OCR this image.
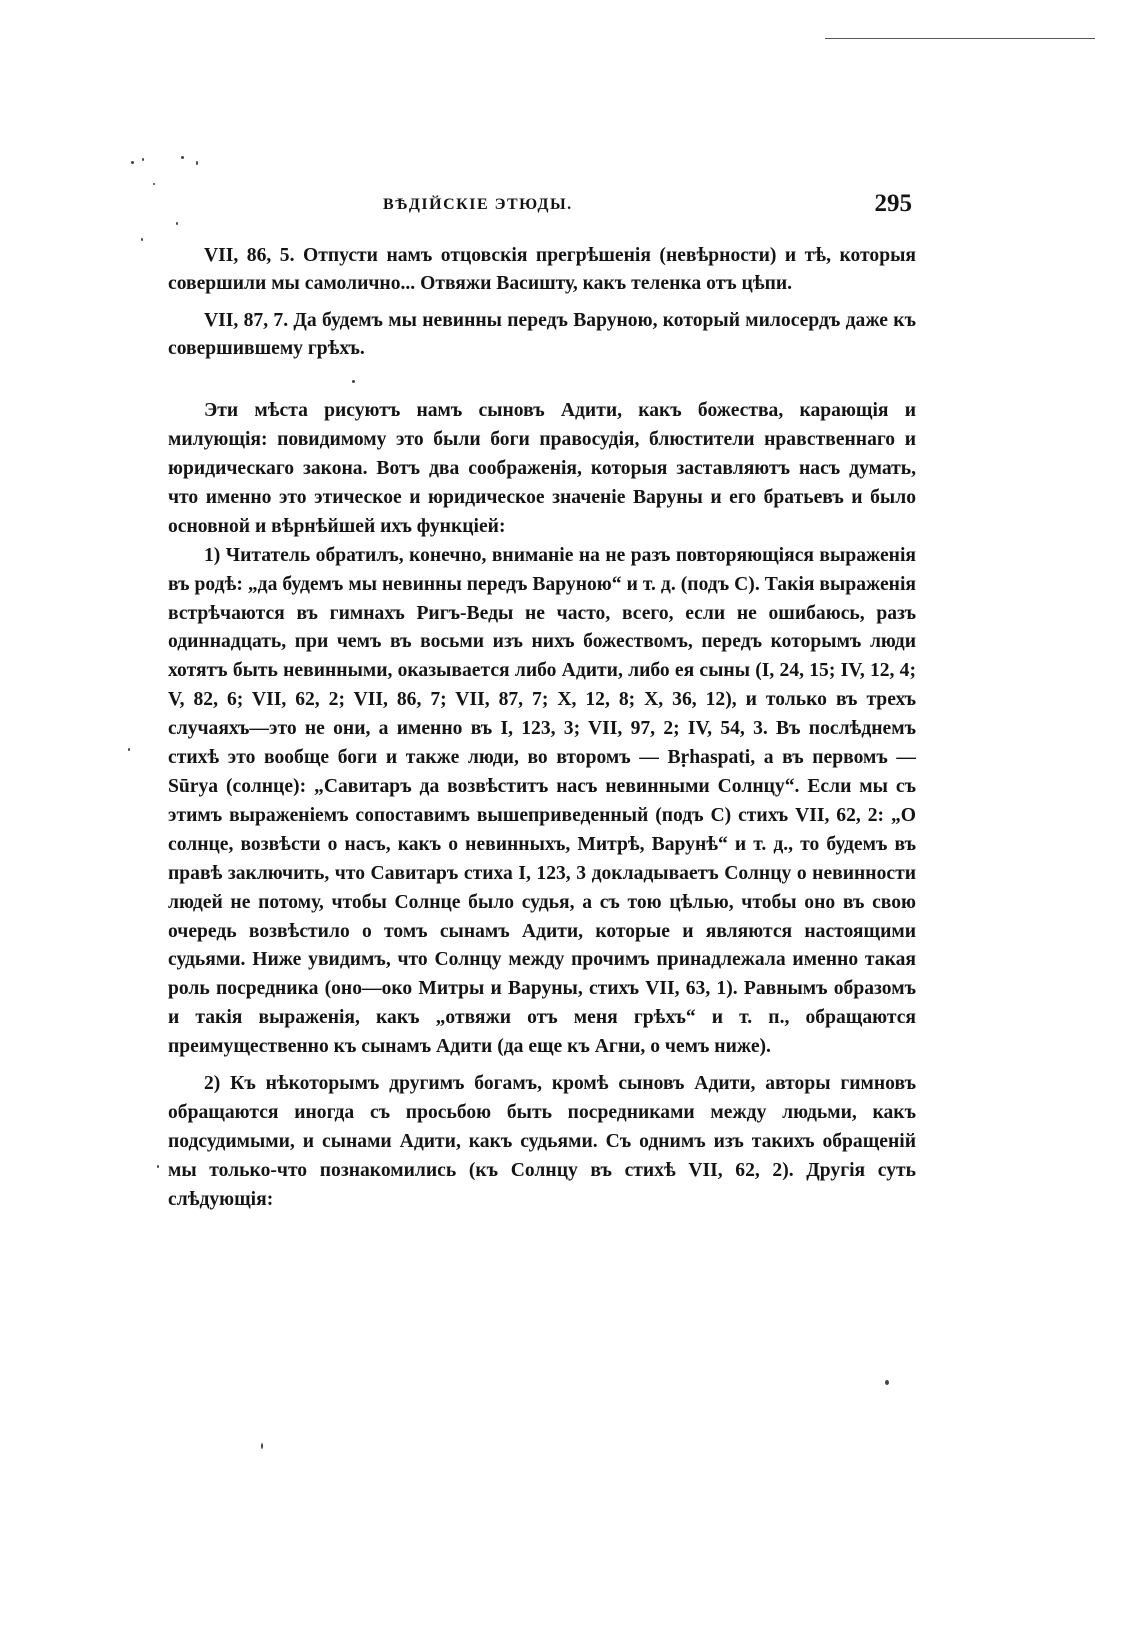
ВѢДІЙСКІЕ ЭТЮДЫ.	295

VII, 86, 5. Отпусти намъ отцовскія прегрѣшенія (невѣрности) и тѣ, которыя совершили мы самолично... Отвяжи Васишту, какъ теленка отъ цѣпи.

VII, 87, 7. Да будемъ мы невинны передъ Варуною, который милосердъ даже къ совершившему грѣхъ.

Эти мѣста рисуютъ намъ сыновъ Адити, какъ божества, карающія и милующія: повидимому это были боги правосудія, блюстители нравственнаго и юридическаго закона. Вотъ два соображенія, которыя заставляютъ насъ думать, что именно это этическое и юридическое значеніе Варуны и его братьевъ и было основной и вѣрнѣйшей ихъ функціей:

1) Читатель обратилъ, конечно, вниманіе на не разъ повторяющіяся выраженія въ родѣ: „да будемъ мы невинны передъ Варуною“ и т. д. (подъ С). Такія выраженія встрѣчаются въ гимнахъ Ригъ-Веды не часто, всего, если не ошибаюсь, разъ одиннадцать, при чемъ въ восьми изъ нихъ божествомъ, передъ которымъ люди хотятъ быть невинными, оказывается либо Адити, либо ея сыны (I, 24, 15; IV, 12, 4; V, 82, 6; VII, 62, 2; VII, 86, 7; VII, 87, 7; X, 12, 8; X, 36, 12), и только въ трехъ случаяхъ—это не они, а именно въ I, 123, 3; VII, 97, 2; IV, 54, 3. Въ послѣднемъ стихѣ это вообще боги и также люди, во второмъ — Bṛhaspati, а въ первомъ — Sūrya (солнце): „Савитаръ да возвѣститъ насъ невинными Солнцу“. Если мы съ этимъ выраженіемъ сопоставимъ вышеприведенный (подъ С) стихъ VII, 62, 2: „О солнце, возвѣсти о насъ, какъ о невинныхъ, Митрѣ, Варунѣ“ и т. д., то будемъ въ правѣ заключить, что Савитаръ стиха I, 123, 3 докладываетъ Солнцу о невинности людей не потому, чтобы Солнце было судья, а съ тою цѣлью, чтобы оно въ свою очередь возвѣстило о томъ сынамъ Адити, которые и являются настоящими судьями. Ниже увидимъ, что Солнцу между прочимъ принадлежала именно такая роль посредника (оно—око Митры и Варуны, стихъ VII, 63, 1). Равнымъ образомъ и такія выраженія, какъ „отвяжи отъ меня грѣхъ“ и т. п., обращаются преимущественно къ сынамъ Адити (да еще къ Агни, о чемъ ниже).

2) Къ нѣкоторымъ другимъ богамъ, кромѣ сыновъ Адити, авторы гимновъ обращаются иногда съ просьбою быть посредниками между людьми, какъ подсудимыми, и сынами Адити, какъ судьями. Съ однимъ изъ такихъ обращеній мы только-что познакомились (къ Солнцу въ стихѣ VII, 62, 2). Другія суть слѣдующія:
